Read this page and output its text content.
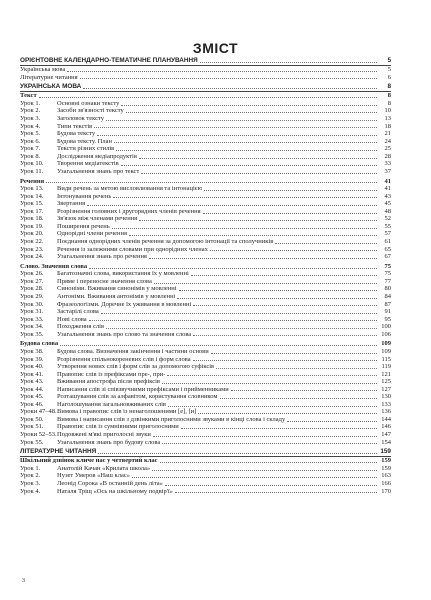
ЗМІСТ
ОРІЄНТОВНЕ КАЛЕНДАРНО-ТЕМАТИЧНЕ ПЛАНУВАННЯ	5
Українська мова	5
Літературне читання	6
УКРАЇНСЬКА МОВА	8
Текст	8
Урок 1.	Основні ознаки тексту	8
Урок 2.	Засоби зв'язності тексту	10
Урок 3.	Заголовок тексту	13
Урок 4.	Типи текстів	18
Урок 5.	Будова тексту	21
Урок 6.	Будова тексту. План	24
Урок 7.	Тексти різних стилів	25
Урок 8.	Дослідження медіапродуктів	28
Урок 10.	Творення медіатекстів	33
Урок 11.	Узагальнення знань про текст	37
Речення	41
Урок 13.	Види речень за метою висловлювання та інтонацією	41
Урок 14.	Інтонування речень	43
Урок 15.	Звертання	45
Урок 17.	Розрізнення головних і другорядних членів речення	48
Урок 18.	Зв'язок між членами речення	52
Урок 19.	Поширення речень	55
Урок 20.	Однорідні члени речення	57
Урок 22.	Поєднання однорідних членів речення за допомогою інтонації та сполучників	61
Урок 23.	Речення із залежними словами при однорідних членах	65
Урок 24.	Узагальнення знань про речення	67
Слово. Значення слова	75
Урок 26.	Багатозначні слова, використання їх у мовленні	75
Урок 27.	Пряме і переносне значення слова	77
Урок 28.	Синоніми. Вживання синонімів у мовленні	80
Урок 29.	Антоніми. Вживання антонімів у мовленні	84
Урок 30.	Фразеологізми. Доречне їх уживання в мовленні	87
Урок 31.	Застарілі слова	91
Урок 33.	Нові слова	95
Урок 34.	Походження слів	100
Урок 35.	Узагальнення знань про слово та значення слова	106
Будова слова	109
Урок 38.	Будова слова. Визначення закінчення і частини основи	109
Урок 39.	Розрізнення спільнокореневих слів і форм слова	115
Урок 40.	Утворення нових слів і форм слів за допомогою суфіксів	119
Урок 41.	Правопис слів із префіксами пре-, при-	121
Урок 43.	Вживання апострофа після префіксів	125
Урок 44.	Написання слів зі співзвучними префіксами і прийменниками	127
Урок 45.	Розташування слів за алфавітом, користування словником	130
Урок 46.	Наголошування загальновживаних слів	133
Уроки 47–48. Вимова і правопис слів із ненаголошеними [е], [и]	136
Урок 50.	Вимова і написання слів з дзвінкими приголосними звуками в кінці слова і складу	144
Урок 51.	Правопис слів із сумнівними приголосними	146
Уроки 52–53. Подовжені м'які приголосні звуки	147
Урок 55.	Узагальнення знань про будову слова	154
ЛІТЕРАТУРНЕ ЧИТАННЯ	159
Шкільний дзвінок кличе нас у четвертий клас	159
Урок 1.	Анатолій Качан «Крилата школа»	159
Урок 2.	Нузет Умеров «Наш клас»	163
Урок 3.	Леонід Сорока «В останній день літа»	166
Урок 4.	Наталя Тріщ «Ось на шкільному подвір'ї»	170
3
